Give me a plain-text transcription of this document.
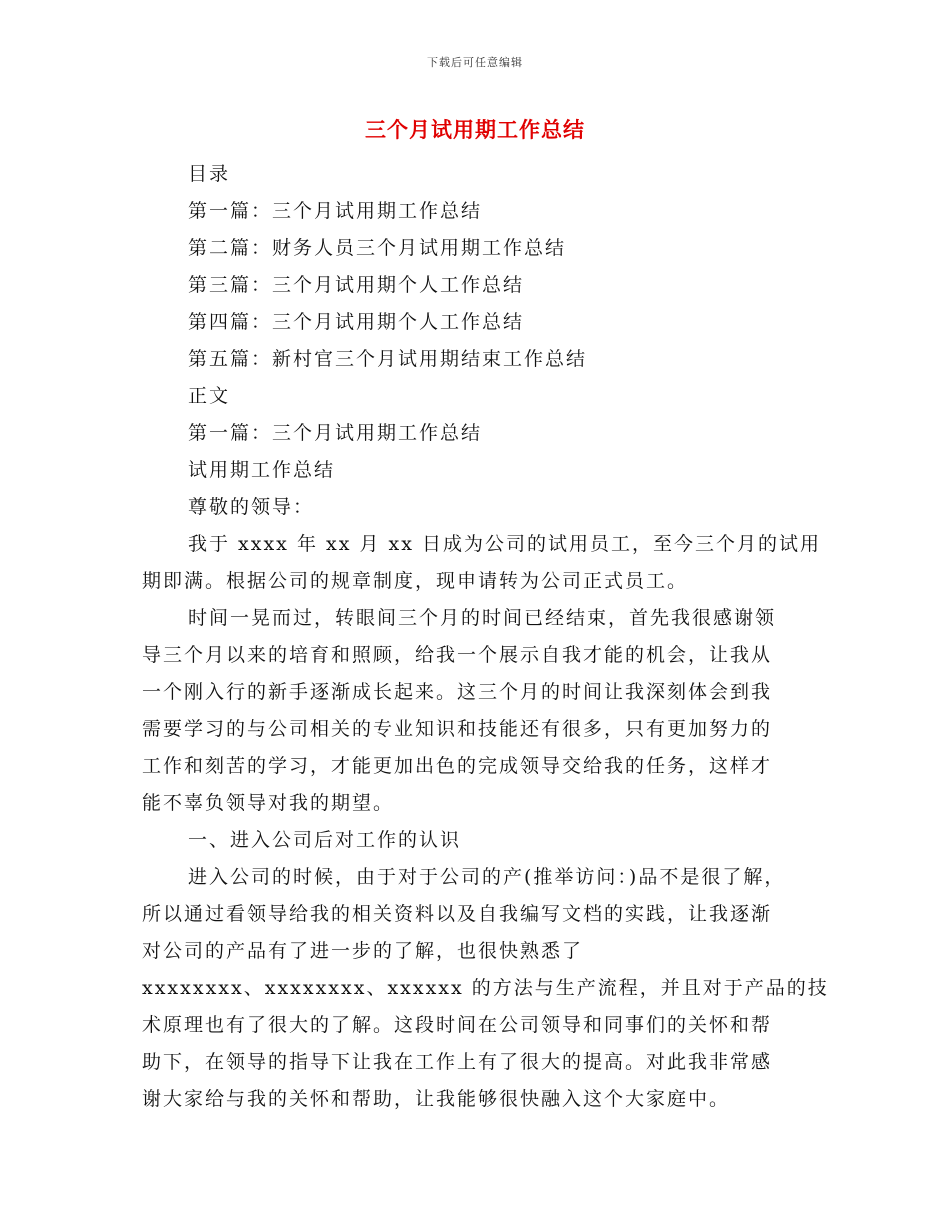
下载后可任意编辑
三个月试用期工作总结
目录
第一篇：三个月试用期工作总结
第二篇：财务人员三个月试用期工作总结
第三篇：三个月试用期个人工作总结
第四篇：三个月试用期个人工作总结
第五篇：新村官三个月试用期结束工作总结
正文
第一篇：三个月试用期工作总结
试用期工作总结
尊敬的领导：
我于 xxxx 年 xx 月 xx 日成为公司的试用员工，至今三个月的试用
期即满。根据公司的规章制度，现申请转为公司正式员工。
时间一晃而过，转眼间三个月的时间已经结束，首先我很感谢领
导三个月以来的培育和照顾，给我一个展示自我才能的机会，让我从
一个刚入行的新手逐渐成长起来。这三个月的时间让我深刻体会到我
需要学习的与公司相关的专业知识和技能还有很多，只有更加努力的
工作和刻苦的学习，才能更加出色的完成领导交给我的任务，这样才
能不辜负领导对我的期望。
一、进入公司后对工作的认识
进入公司的时候，由于对于公司的产(推举访问：)品不是很了解，
所以通过看领导给我的相关资料以及自我编写文档的实践，让我逐渐
对公司的产品有了进一步的了解，也很快熟悉了
xxxxxxxx、xxxxxxxx、xxxxxx 的方法与生产流程，并且对于产品的技
术原理也有了很大的了解。这段时间在公司领导和同事们的关怀和帮
助下，在领导的指导下让我在工作上有了很大的提高。对此我非常感
谢大家给与我的关怀和帮助，让我能够很快融入这个大家庭中。
